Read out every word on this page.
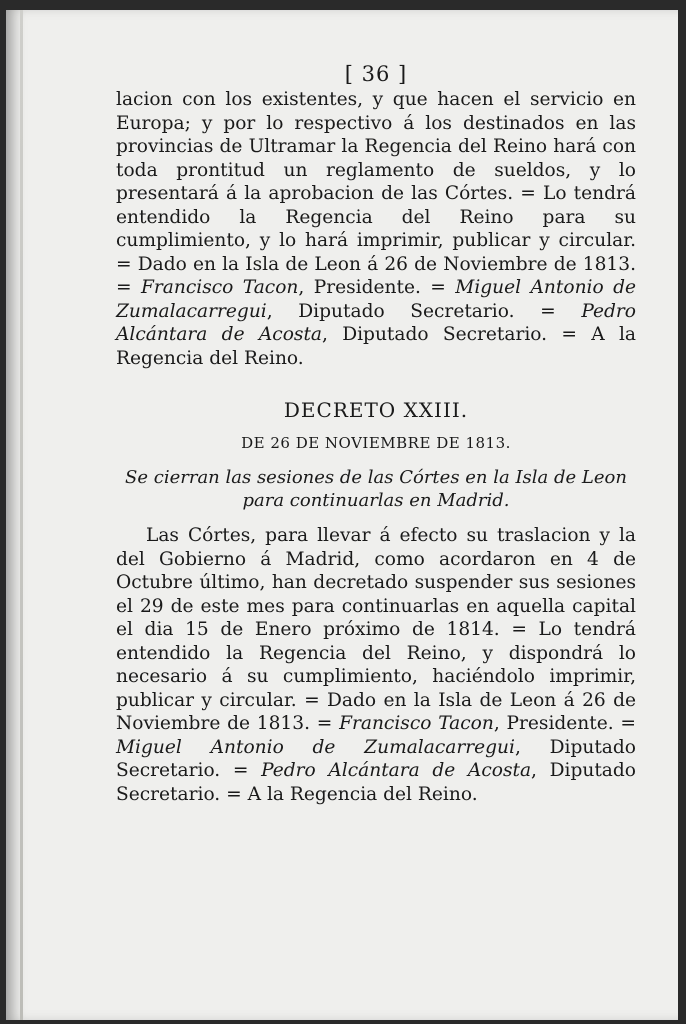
[ 36 ]

lacion con los existentes, y que hacen el servicio en Europa; y por lo respectivo á los destinados en las provincias de Ultramar la Regencia del Reino hará con toda prontitud un reglamento de sueldos, y lo presentará á la aprobacion de las Córtes. = Lo tendrá entendido la Regencia del Reino para su cumplimiento, y lo hará imprimir, publicar y circular. = Dado en la Isla de Leon á 26 de Noviembre de 1813. = Francisco Tacon, Presidente. = Miguel Antonio de Zumalacarregui, Diputado Secretario. = Pedro Alcántara de Acosta, Diputado Secretario. = A la Regencia del Reino.

DECRETO XXIII.
DE 26 DE NOVIEMBRE DE 1813.
Se cierran las sesiones de las Córtes en la Isla de Leon para continuarlas en Madrid.

Las Córtes, para llevar á efecto su traslacion y la del Gobierno á Madrid, como acordaron en 4 de Octubre último, han decretado suspender sus sesiones el 29 de este mes para continuarlas en aquella capital el dia 15 de Enero próximo de 1814. = Lo tendrá entendido la Regencia del Reino, y dispondrá lo necesario á su cumplimiento, haciéndolo imprimir, publicar y circular. = Dado en la Isla de Leon á 26 de Noviembre de 1813. = Francisco Tacon, Presidente. = Miguel Antonio de Zumalacarregui, Diputado Secretario. = Pedro Alcántara de Acosta, Diputado Secretario. = A la Regencia del Reino.
